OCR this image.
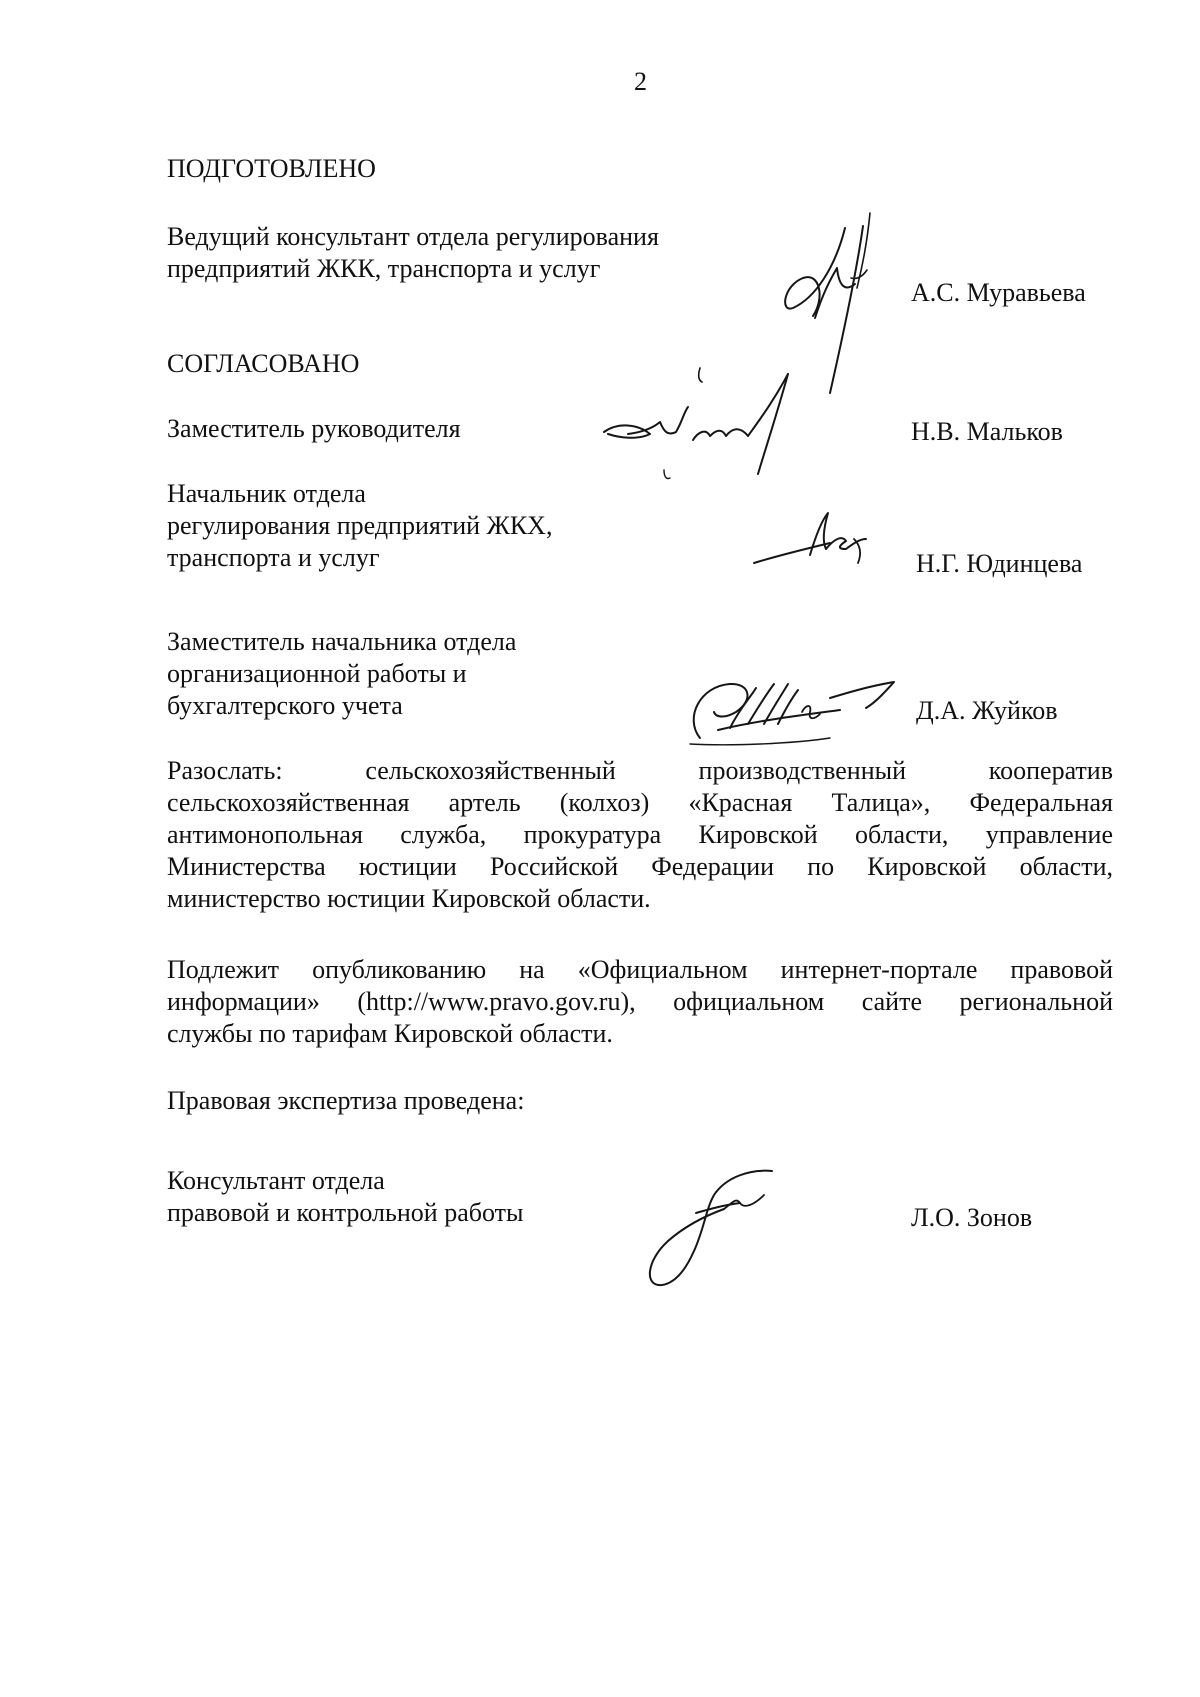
2
ПОДГОТОВЛЕНО
Ведущий консультант отдела регулирования
предприятий ЖКК, транспорта и услуг
А.С. Муравьева
СОГЛАСОВАНО
Заместитель руководителя	Н.В. Мальков
Начальник отдела
регулирования предприятий ЖКХ,
транспорта и услуг	Н.Г. Юдинцева
Заместитель начальника отдела
организационной работы и
бухгалтерского учета	Д.А. Жуйков
Разослать: сельскохозяйственный производственный кооператив
сельскохозяйственная артель (колхоз) «Красная Талица», Федеральная
антимонопольная служба, прокуратура Кировской области, управление
Министерства юстиции Российской Федерации по Кировской области,
министерство юстиции Кировской области.
Подлежит опубликованию на «Официальном интернет-портале правовой
информации» (http://www.pravo.gov.ru), официальном сайте региональной
службы по тарифам Кировской области.
Правовая экспертиза проведена:
Консультант отдела
правовой и контрольной работы	Л.О. Зонов
